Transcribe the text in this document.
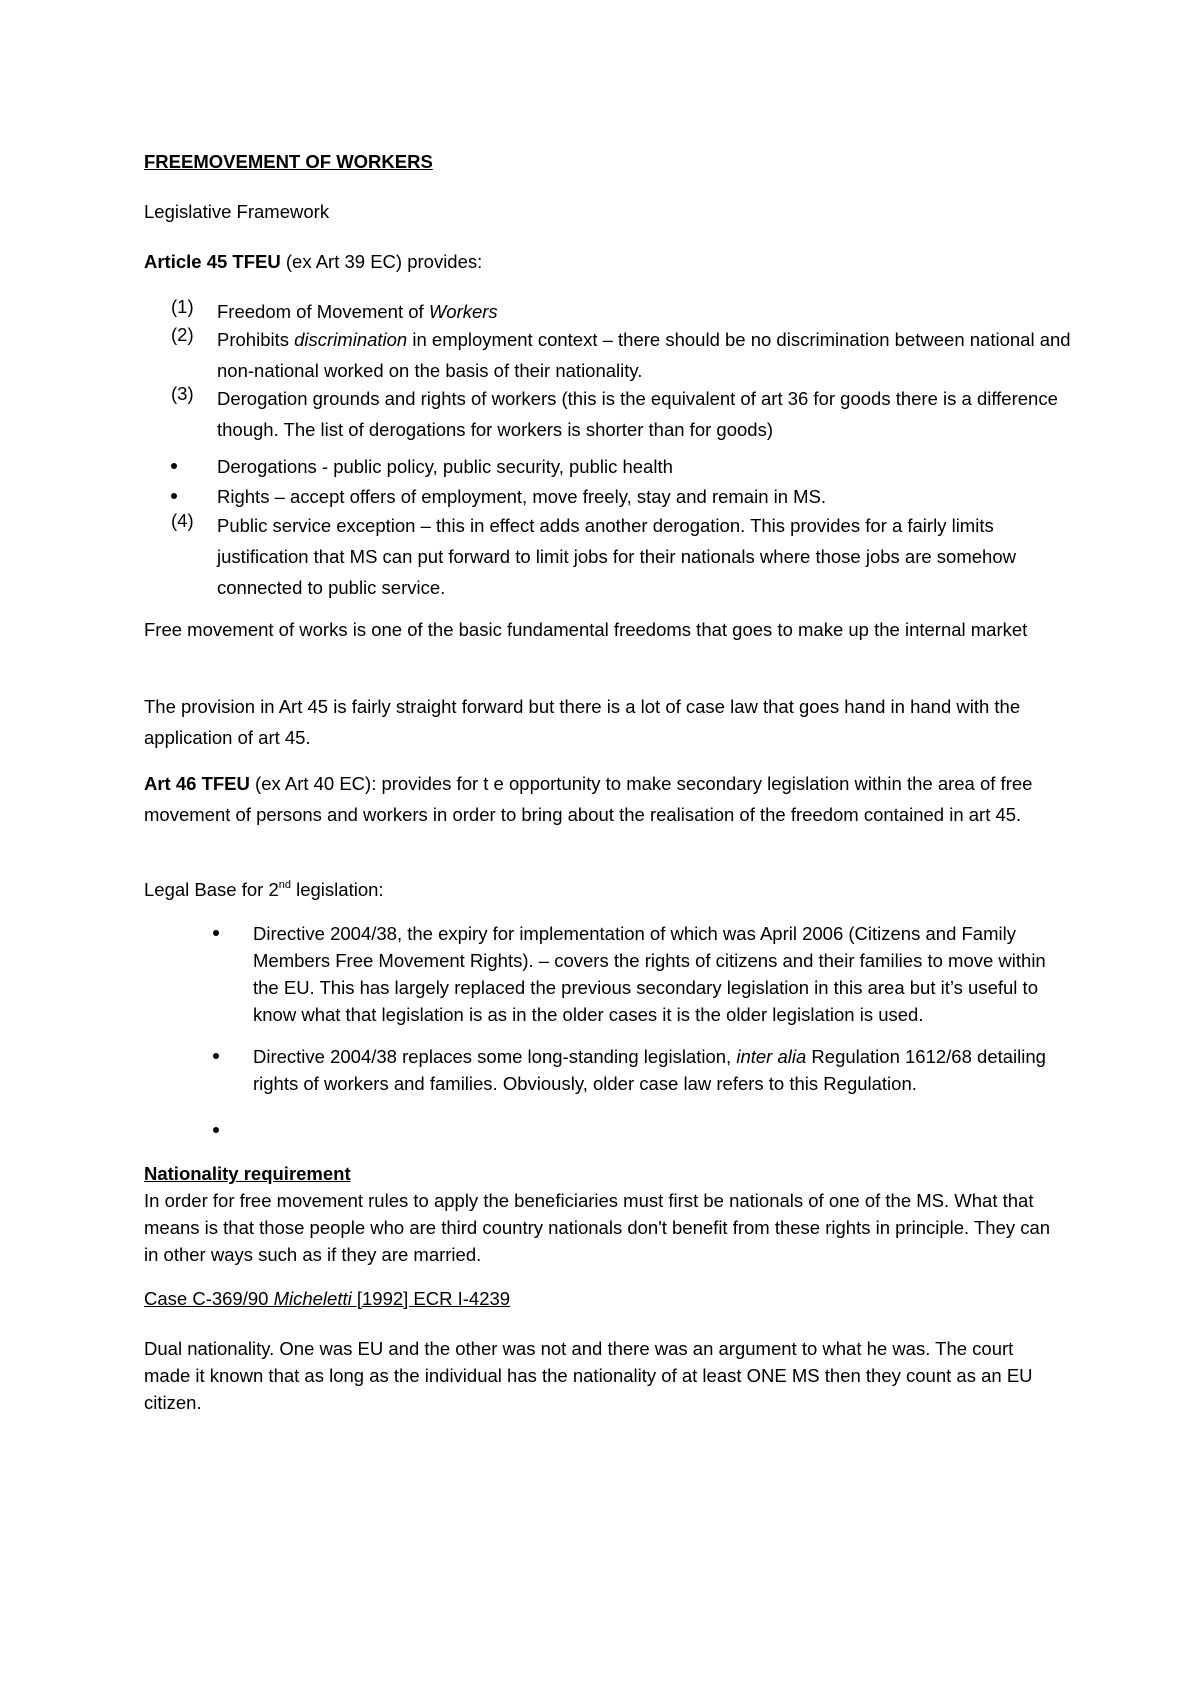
FREEMOVEMENT OF WORKERS

Legislative Framework

Article 45 TFEU (ex Art 39 EC) provides:

(1) Freedom of Movement of Workers
(2) Prohibits discrimination in employment context – there should be no discrimination between national and non-national worked on the basis of their nationality.
(3) Derogation grounds and rights of workers (this is the equivalent of art 36 for goods there is a difference though. The list of derogations for workers is shorter than for goods)
Derogations - public policy, public security, public health
Rights – accept offers of employment, move freely, stay and remain in MS.
(4) Public service exception – this in effect adds another derogation. This provides for a fairly limits justification that MS can put forward to limit jobs for their nationals where those jobs are somehow connected to public service.

Free movement of works is one of the basic fundamental freedoms that goes to make up the internal market

The provision in Art 45 is fairly straight forward but there is a lot of case law that goes hand in hand with the application of art 45.

Art 46 TFEU (ex Art 40 EC): provides for t e opportunity to make secondary legislation within the area of free movement of persons and workers in order to bring about the realisation of the freedom contained in art 45.

Legal Base for 2nd legislation:

Directive 2004/38, the expiry for implementation of which was April 2006 (Citizens and Family Members Free Movement Rights). – covers the rights of citizens and their families to move within the EU. This has largely replaced the previous secondary legislation in this area but it’s useful to know what that legislation is as in the older cases it is the older legislation is used.
Directive 2004/38 replaces some long-standing legislation, inter alia Regulation 1612/68 detailing rights of workers and families. Obviously, older case law refers to this Regulation.

Nationality requirement

In order for free movement rules to apply the beneficiaries must first be nationals of one of the MS. What that means is that those people who are third country nationals don't benefit from these rights in principle. They can in other ways such as if they are married.

Case C-369/90 Micheletti [1992] ECR I-4239

Dual nationality. One was EU and the other was not and there was an argument to what he was. The court made it known that as long as the individual has the nationality of at least ONE MS then they count as an EU citizen.
